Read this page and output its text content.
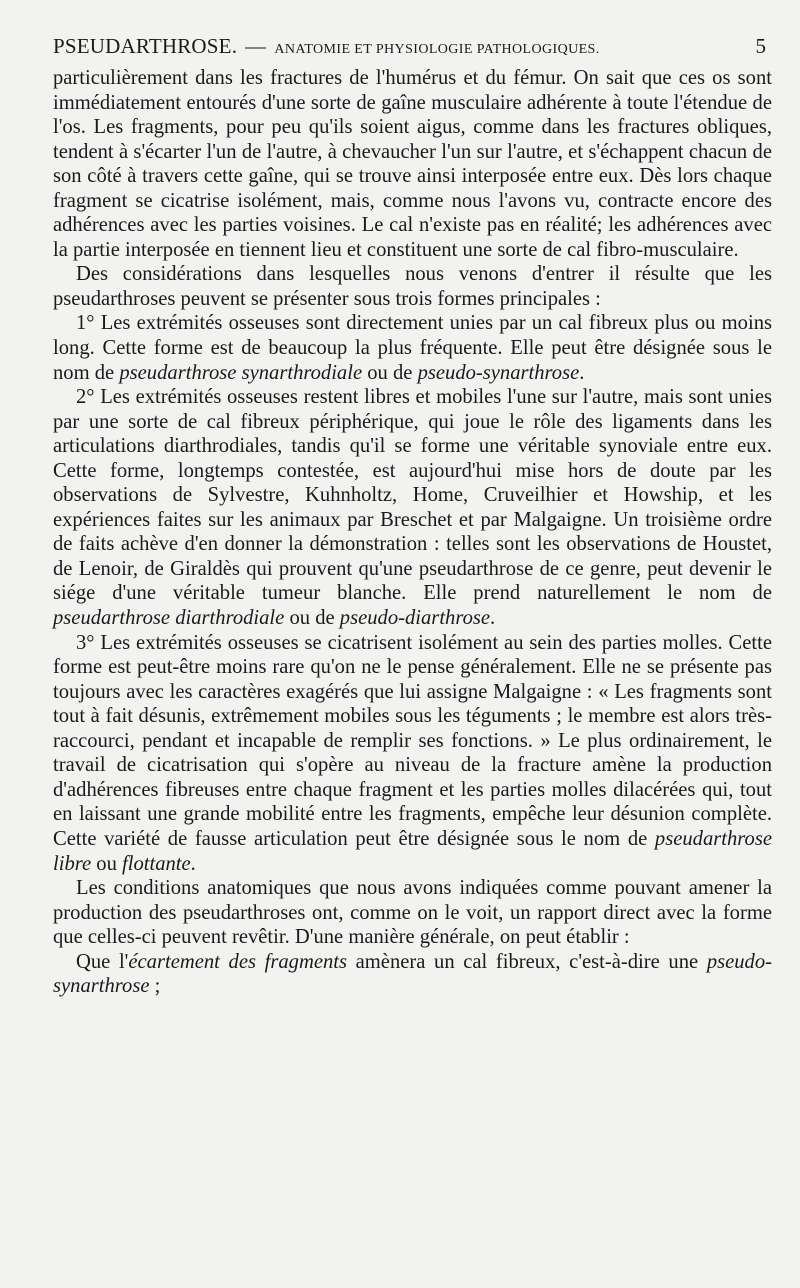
PSEUDARTHROSE. — ANATOMIE ET PHYSIOLOGIE PATHOLOGIQUES.	5

particulièrement dans les fractures de l'humérus et du fémur. On sait que ces os sont immédiatement entourés d'une sorte de gaîne musculaire adhérente à toute l'étendue de l'os. Les fragments, pour peu qu'ils soient aigus, comme dans les fractures obliques, tendent à s'écarter l'un de l'autre, à chevaucher l'un sur l'autre, et s'échappent chacun de son côté à travers cette gaîne, qui se trouve ainsi interposée entre eux. Dès lors chaque fragment se cicatrise isolément, mais, comme nous l'avons vu, contracte encore des adhérences avec les parties voisines. Le cal n'existe pas en réalité; les adhérences avec la partie interposée en tiennent lieu et constituent une sorte de cal fibro-musculaire.

Des considérations dans lesquelles nous venons d'entrer il résulte que les pseudarthroses peuvent se présenter sous trois formes principales :

1° Les extrémités osseuses sont directement unies par un cal fibreux plus ou moins long. Cette forme est de beaucoup la plus fréquente. Elle peut être désignée sous le nom de pseudarthrose synarthrodiale ou de pseudo-synarthrose.

2° Les extrémités osseuses restent libres et mobiles l'une sur l'autre, mais sont unies par une sorte de cal fibreux périphérique, qui joue le rôle des ligaments dans les articulations diarthrodiales, tandis qu'il se forme une véritable synoviale entre eux. Cette forme, longtemps contestée, est aujourd'hui mise hors de doute par les observations de Sylvestre, Kuhnholtz, Home, Cruveilhier et Howship, et les expériences faites sur les animaux par Breschet et par Malgaigne. Un troisième ordre de faits achève d'en donner la démonstration : telles sont les observations de Houstet, de Lenoir, de Giraldès qui prouvent qu'une pseudarthrose de ce genre, peut devenir le siége d'une véritable tumeur blanche. Elle prend naturellement le nom de pseudarthrose diarthrodiale ou de pseudo-diarthrose.

3° Les extrémités osseuses se cicatrisent isolément au sein des parties molles. Cette forme est peut-être moins rare qu'on ne le pense généralement. Elle ne se présente pas toujours avec les caractères exagérés que lui assigne Malgaigne : « Les fragments sont tout à fait désunis, extrêmement mobiles sous les téguments ; le membre est alors très-raccourci, pendant et incapable de remplir ses fonctions. » Le plus ordinairement, le travail de cicatrisation qui s'opère au niveau de la fracture amène la production d'adhérences fibreuses entre chaque fragment et les parties molles dilacérées qui, tout en laissant une grande mobilité entre les fragments, empêche leur désunion complète. Cette variété de fausse articulation peut être désignée sous le nom de pseudarthrose libre ou flottante.

Les conditions anatomiques que nous avons indiquées comme pouvant amener la production des pseudarthroses ont, comme on le voit, un rapport direct avec la forme que celles-ci peuvent revêtir. D'une manière générale, on peut établir :

Que l'écartement des fragments amènera un cal fibreux, c'est-à-dire une pseudo-synarthrose ;
